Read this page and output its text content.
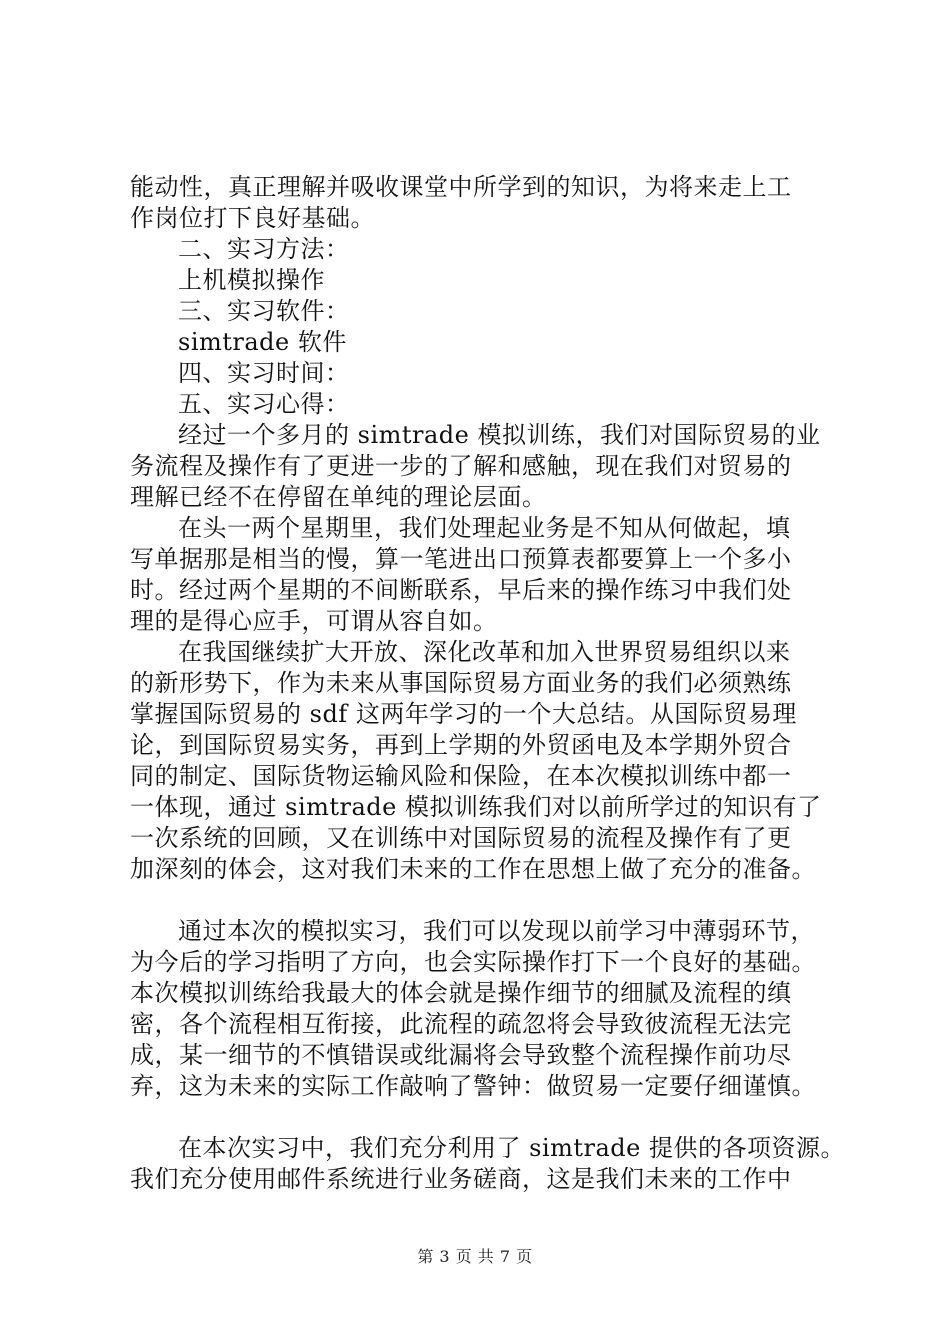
能动性，真正理解并吸收课堂中所学到的知识，为将来走上工
作岗位打下良好基础。
二、实习方法：
上机模拟操作
三、实习软件：
simtrade 软件
四、实习时间：
五、实习心得：
经过一个多月的 simtrade 模拟训练，我们对国际贸易的业
务流程及操作有了更进一步的了解和感触，现在我们对贸易的
理解已经不在停留在单纯的理论层面。
在头一两个星期里，我们处理起业务是不知从何做起，填
写单据那是相当的慢，算一笔进出口预算表都要算上一个多小
时。经过两个星期的不间断联系，早后来的操作练习中我们处
理的是得心应手，可谓从容自如。
在我国继续扩大开放、深化改革和加入世界贸易组织以来
的新形势下，作为未来从事国际贸易方面业务的我们必须熟练
掌握国际贸易的 sdf 这两年学习的一个大总结。从国际贸易理
论，到国际贸易实务，再到上学期的外贸函电及本学期外贸合
同的制定、国际货物运输风险和保险，在本次模拟训练中都一
一体现，通过 simtrade 模拟训练我们对以前所学过的知识有了
一次系统的回顾，又在训练中对国际贸易的流程及操作有了更
加深刻的体会，这对我们未来的工作在思想上做了充分的准备。
通过本次的模拟实习，我们可以发现以前学习中薄弱环节，
为今后的学习指明了方向，也会实际操作打下一个良好的基础。
本次模拟训练给我最大的体会就是操作细节的细腻及流程的缜
密，各个流程相互衔接，此流程的疏忽将会导致彼流程无法完
成，某一细节的不慎错误或纰漏将会导致整个流程操作前功尽
弃，这为未来的实际工作敲响了警钟：做贸易一定要仔细谨慎。
在本次实习中，我们充分利用了 simtrade 提供的各项资源。
我们充分使用邮件系统进行业务磋商，这是我们未来的工作中
第 3 页 共 7 页
